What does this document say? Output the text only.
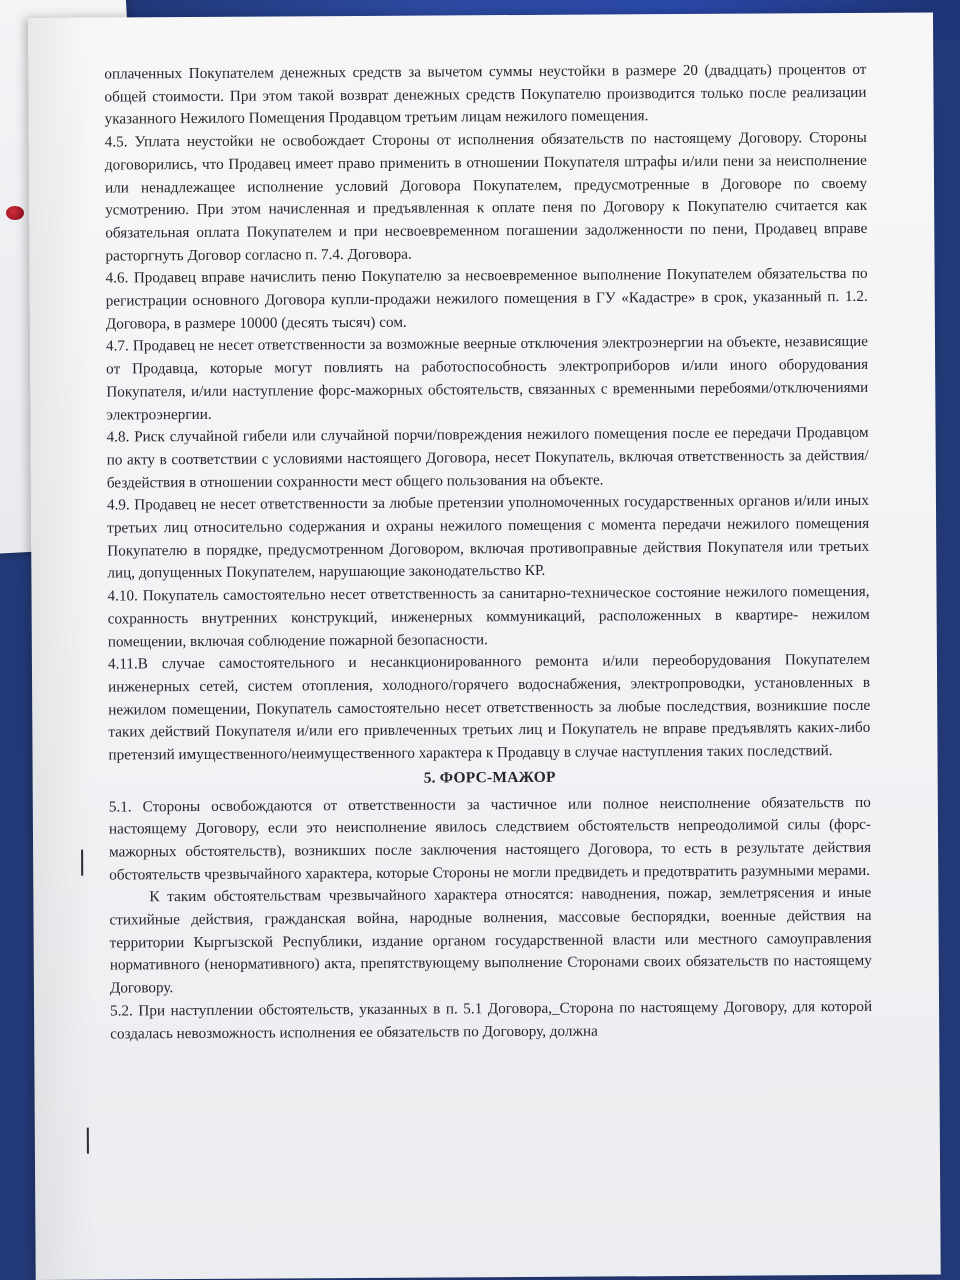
оплаченных Покупателем денежных средств за вычетом суммы неустойки в размере 20 (двадцать) процентов от общей стоимости. При этом такой возврат денежных средств Покупателю производится только после реализации указанного Нежилого Помещения Продавцом третьим лицам нежилого помещения.

4.5. Уплата неустойки не освобождает Стороны от исполнения обязательств по настоящему Договору. Стороны договорились, что Продавец имеет право применить в отношении Покупателя штрафы и/или пени за неисполнение или ненадлежащее исполнение условий Договора Покупателем, предусмотренные в Договоре по своему усмотрению. При этом начисленная и предъявленная к оплате пеня по Договору к Покупателю считается как обязательная оплата Покупателем и при несвоевременном погашении задолженности по пени, Продавец вправе расторгнуть Договор согласно п. 7.4. Договора.

4.6. Продавец вправе начислить пеню Покупателю за несвоевременное выполнение Покупателем обязательства по регистрации основного Договора купли-продажи нежилого помещения в ГУ «Кадастре» в срок, указанный п. 1.2. Договора, в размере 10000 (десять тысяч) сом.

4.7. Продавец не несет ответственности за возможные веерные отключения электроэнергии на объекте, независящие от Продавца, которые могут повлиять на работоспособность электроприборов и/или иного оборудования Покупателя, и/или наступление форс-мажорных обстоятельств, связанных с временными перебоями/отключениями электроэнергии.

4.8. Риск случайной гибели или случайной порчи/повреждения нежилого помещения после ее передачи Продавцом по акту в соответствии с условиями настоящего Договора, несет Покупатель, включая ответственность за действия/бездействия в отношении сохранности мест общего пользования на объекте.

4.9. Продавец не несет ответственности за любые претензии уполномоченных государственных органов и/или иных третьих лиц относительно содержания и охраны нежилого помещения с момента передачи нежилого помещения Покупателю в порядке, предусмотренном Договором, включая противоправные действия Покупателя или третьих лиц, допущенных Покупателем, нарушающие законодательство КР.

4.10. Покупатель самостоятельно несет ответственность за санитарно-техническое состояние нежилого помещения, сохранность внутренних конструкций, инженерных коммуникаций, расположенных в квартире- нежилом помещении, включая соблюдение пожарной безопасности.

4.11.В случае самостоятельного и несанкционированного ремонта и/или переоборудования Покупателем инженерных сетей, систем отопления, холодного/горячего водоснабжения, электропроводки, установленных в нежилом помещении, Покупатель самостоятельно несет ответственность за любые последствия, возникшие после таких действий Покупателя и/или его привлеченных третьих лиц и Покупатель не вправе предъявлять каких-либо претензий имущественного/неимущественного характера к Продавцу в случае наступления таких последствий.

5. ФОРС-МАЖОР

5.1. Стороны освобождаются от ответственности за частичное или полное неисполнение обязательств по настоящему Договору, если это неисполнение явилось следствием обстоятельств непреодолимой силы (форс-мажорных обстоятельств), возникших после заключения настоящего Договора, то есть в результате действия обстоятельств чрезвычайного характера, которые Стороны не могли предвидеть и предотвратить разумными мерами.

К таким обстоятельствам чрезвычайного характера относятся: наводнения, пожар, землетрясения и иные стихийные действия, гражданская война, народные волнения, массовые беспорядки, военные действия на территории Кыргызской Республики, издание органом государственной власти или местного самоуправления нормативного (ненормативного) акта, препятствующему выполнение Сторонами своих обязательств по настоящему Договору.

5.2. При наступлении обстоятельств, указанных в п. 5.1 Договора,_Сторона по настоящему Договору, для которой создалась невозможность исполнения ее обязательств по Договору, должна
